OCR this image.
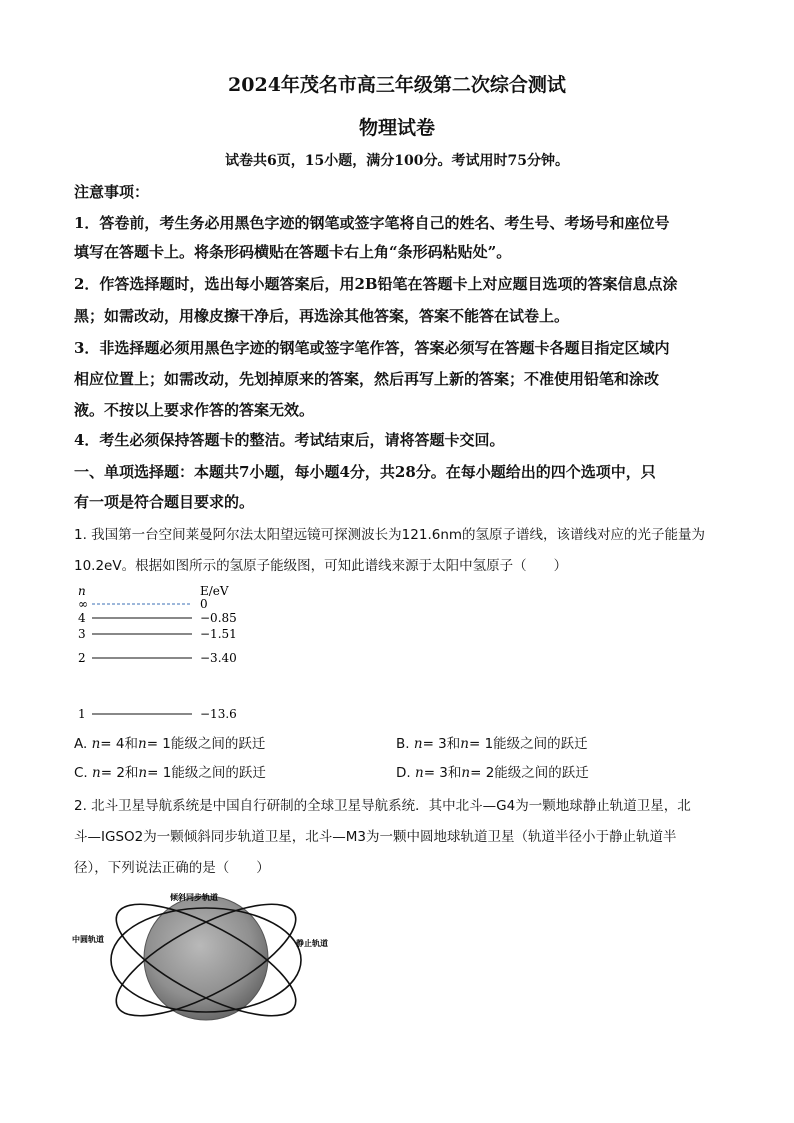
2024年茂名市高三年级第二次综合测试
物理试卷
试卷共6页，15小题，满分100分。考试用时75分钟。
注意事项：
1．答卷前，考生务必用黑色字迹的钢笔或签字笔将自己的姓名、考生号、考场号和座位号
填写在答题卡上。将条形码横贴在答题卡右上角“条形码粘贴处”。
2．作答选择题时，选出每小题答案后，用2B铅笔在答题卡上对应题目选项的答案信息点涂
黑；如需改动，用橡皮擦干净后，再选涂其他答案，答案不能答在试卷上。
3．非选择题必须用黑色字迹的钢笔或签字笔作答，答案必须写在答题卡各题目指定区域内
相应位置上；如需改动，先划掉原来的答案，然后再写上新的答案；不准使用铅笔和涂改
液。不按以上要求作答的答案无效。
4．考生必须保持答题卡的整洁。考试结束后，请将答题卡交回。
一、单项选择题：本题共7小题，每小题4分，共28分。在每小题给出的四个选项中，只
有一项是符合题目要求的。
1. 我国第一台空间莱曼阿尔法太阳望远镜可探测波长为121.6nm的氢原子谱线，该谱线对应的光子能量为
10.2eV。根据如图所示的氢原子能级图，可知此谱线来源于太阳中氢原子（　　）
n	E/eV
∞	0
4	−0.85
3	−1.51
2	−3.40
1	−13.6
A. n= 4和n= 1能级之间的跃迁	B. n= 3和n= 1能级之间的跃迁
C. n= 2和n= 1能级之间的跃迁	D. n= 3和n= 2能级之间的跃迁
2. 北斗卫星导航系统是中国自行研制的全球卫星导航系统．其中北斗—G4为一颗地球静止轨道卫星，北
斗—IGSO2为一颗倾斜同步轨道卫星，北斗—M3为一颗中圆地球轨道卫星（轨道半径小于静止轨道半
径），下列说法正确的是（　　）
倾斜同步轨道
中圆轨道	静止轨道
